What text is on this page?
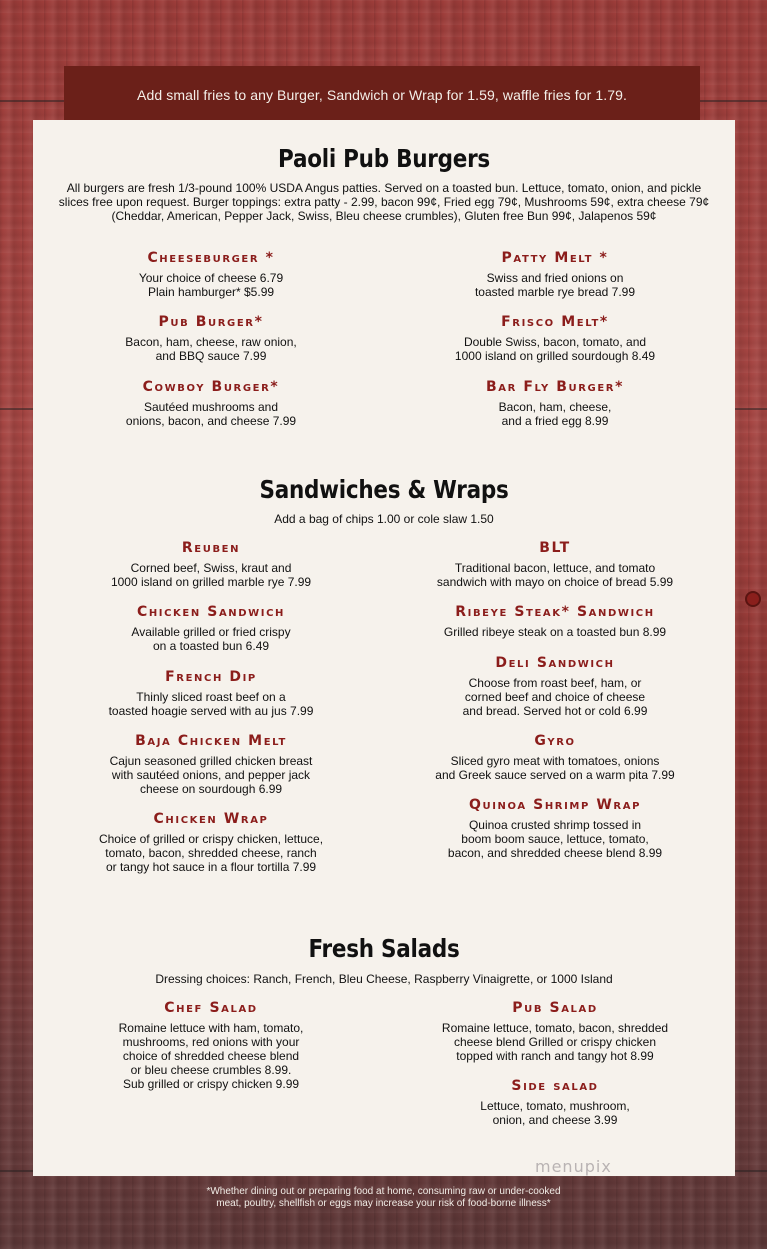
Add small fries to any Burger, Sandwich or Wrap for 1.59, waffle fries for 1.79.
Paoli Pub Burgers
All burgers are fresh 1/3-pound 100% USDA Angus patties. Served on a toasted bun. Lettuce, tomato, onion, and pickle
slices free upon request. Burger toppings: extra patty - 2.99, bacon 99¢, Fried egg 79¢, Mushrooms 59¢, extra cheese 79¢
(Cheddar, American, Pepper Jack, Swiss, Bleu cheese crumbles), Gluten free Bun 99¢, Jalapenos 59¢
Cheeseburger *
Your choice of cheese 6.79
Plain hamburger* $5.99
Pub Burger*
Bacon, ham, cheese, raw onion,
and BBQ sauce 7.99
Cowboy Burger*
Sautéed mushrooms and
onions, bacon, and cheese 7.99
Patty Melt *
Swiss and fried onions on
toasted marble rye bread 7.99
Frisco Melt*
Double Swiss, bacon, tomato, and
1000 island on grilled sourdough 8.49
Bar Fly Burger*
Bacon, ham, cheese,
and a fried egg 8.99
Sandwiches & Wraps
Add a bag of chips 1.00 or cole slaw 1.50
Reuben
Corned beef, Swiss, kraut and
1000 island on grilled marble rye 7.99
Chicken Sandwich
Available grilled or fried crispy
on a toasted bun 6.49
French Dip
Thinly sliced roast beef on a
toasted hoagie served with au jus 7.99
Baja Chicken Melt
Cajun seasoned grilled chicken breast
with sautéed onions, and pepper jack
cheese on sourdough 6.99
Chicken Wrap
Choice of grilled or crispy chicken, lettuce,
tomato, bacon, shredded cheese, ranch
or tangy hot sauce in a flour tortilla 7.99
BLT
Traditional bacon, lettuce, and tomato
sandwich with mayo on choice of bread 5.99
Ribeye Steak* Sandwich
Grilled ribeye steak on a toasted bun 8.99
Deli Sandwich
Choose from roast beef, ham, or
corned beef and choice of cheese
and bread. Served hot or cold 6.99
Gyro
Sliced gyro meat with tomatoes, onions
and Greek sauce served on a warm pita 7.99
Quinoa Shrimp Wrap
Quinoa crusted shrimp tossed in
boom boom sauce, lettuce, tomato,
bacon, and shredded cheese blend 8.99
Fresh Salads
Dressing choices: Ranch, French, Bleu Cheese, Raspberry Vinaigrette, or 1000 Island
Chef Salad
Romaine lettuce with ham, tomato,
mushrooms, red onions with your
choice of shredded cheese blend
or bleu cheese crumbles 8.99.
Sub grilled or crispy chicken 9.99
Pub Salad
Romaine lettuce, tomato, bacon, shredded
cheese blend Grilled or crispy chicken
topped with ranch and tangy hot 8.99
Side salad
Lettuce, tomato, mushroom,
onion, and cheese 3.99
menupix
*Whether dining out or preparing food at home, consuming raw or under-cooked
meat, poultry, shellfish or eggs may increase your risk of food-borne illness*
